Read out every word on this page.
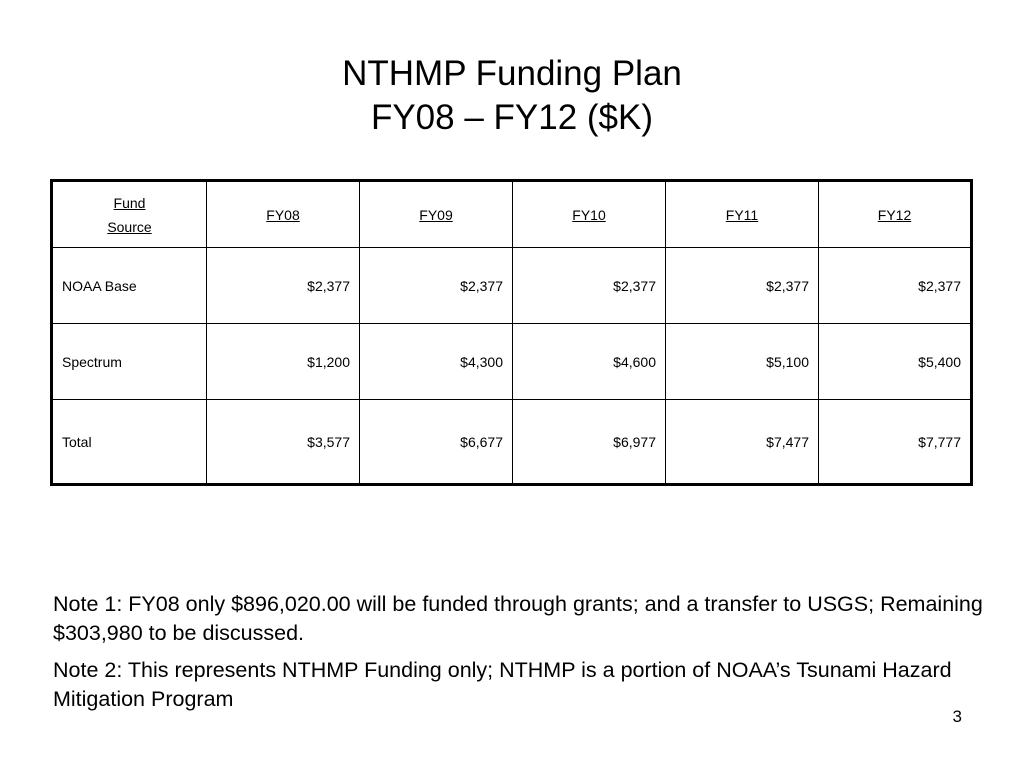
NTHMP Funding Plan
FY08 – FY12 ($K)
Fund
Source	FY08	FY09	FY10	FY11	FY12
NOAA Base	$2,377	$2,377	$2,377	$2,377	$2,377
Spectrum	$1,200	$4,300	$4,600	$5,100	$5,400
Total	$3,577	$6,677	$6,977	$7,477	$7,777

Note 1: FY08 only $896,020.00 will be funded through grants; and a transfer to USGS; Remaining $303,980 to be discussed.

Note 2: This represents NTHMP Funding only; NTHMP is a portion of NOAA’s Tsunami Hazard Mitigation Program

3
